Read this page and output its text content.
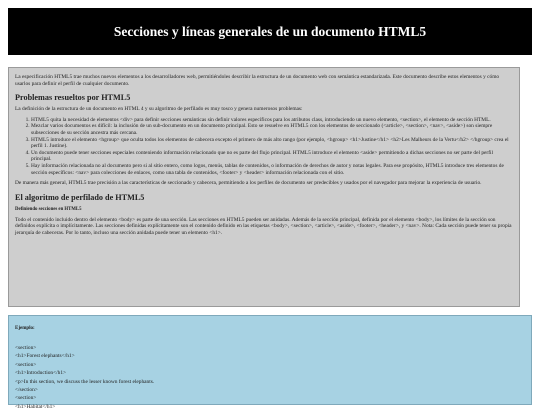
Secciones y líneas generales de un documento HTML5

La especificación HTML5 trae muchos nuevos elementos a los desarrolladores web, permitiéndoles describir la estructura de un documento web con semántica estandarizada. Este documento describe estos elementos y cómo usarlos para definir el perfil de cualquier documento.

Problemas resueltos por HTML5

La definición de la estructura de un documento en HTML 4 y su algoritmo de perfilado es muy tosco y genera numerosos problemas:

1. HTML5 quita la necesidad de elementos <div> para definir secciones semánticas sin definir valores específicos para los atributos class, introduciendo un nuevo elemento, <section>, el elemento de sección HTML.
2. Mezclar varios documentos es difícil: la inclusión de un sub-documento en un documento principal. Esto se resuelve en HTML5 con los elementos de seccionado (<article>, <section>, <nav>, <aside>) son siempre subsecciones de su sección ancestra más cercana.
3. HTML5 introduce el elemento <hgroup> que oculta todos los elementos de cabecera excepto el primero de más alto rango (por ejemplo, <hgroup> <h1>Justine</h1> <h2>Les Malheurs de la Vertu</h2> </hgroup> crea el perfil 1. Justine).
4. Un documento puede tener secciones especiales conteniendo información relacionado que no es parte del flujo principal. HTML5 introduce el elemento <aside> permitiendo a dichas secciones no ser parte del perfil principal.
5. Hay información relacionada no al documento pero si al sitio entero, como logos, menús, tablas de contenidos, o información de derechos de autor y notas legales. Para ese propósito, HTML5 introduce tres elementos de sección específicos: <nav> para colecciones de enlaces, como una tabla de contenidos, <footer> y <header> información relacionada con el sitio.

De manera más general, HTML5 trae precisión a las características de seccionado y cabecera, permitiendo a los perfiles de documento ser predecibles y usados por el navegador para mejorar la experiencia de usuario.

El algoritmo de perfilado de HTML5
Definiendo secciones en HTML5

Todo el contenido incluido dentro del elemento <body> es parte de una sección. Las secciones en HTML5 pueden ser anidadas. Además de la sección principal, definida por el elemento <body>, los límites de la sección son definidos explícita o implícitamente. Las secciones definidas explícitamente son el contenido definido en las etiquetas <body>, <section>, <article>, <aside>, <footer>, <header>, y <nav>. Nota: Cada sección puede tener su propia jerarquía de cabeceras. Por lo tanto, incluso una sección anidada puede tener un elemento <h1>.

Ejemplo:
<section>
<h1>Forest elephants</h1>
<section>
<h1>Introduction</h1>
<p>In this section, we discuss the lesser known forest elephants.
</section>
<section>
<h1>Habitat</h1>
